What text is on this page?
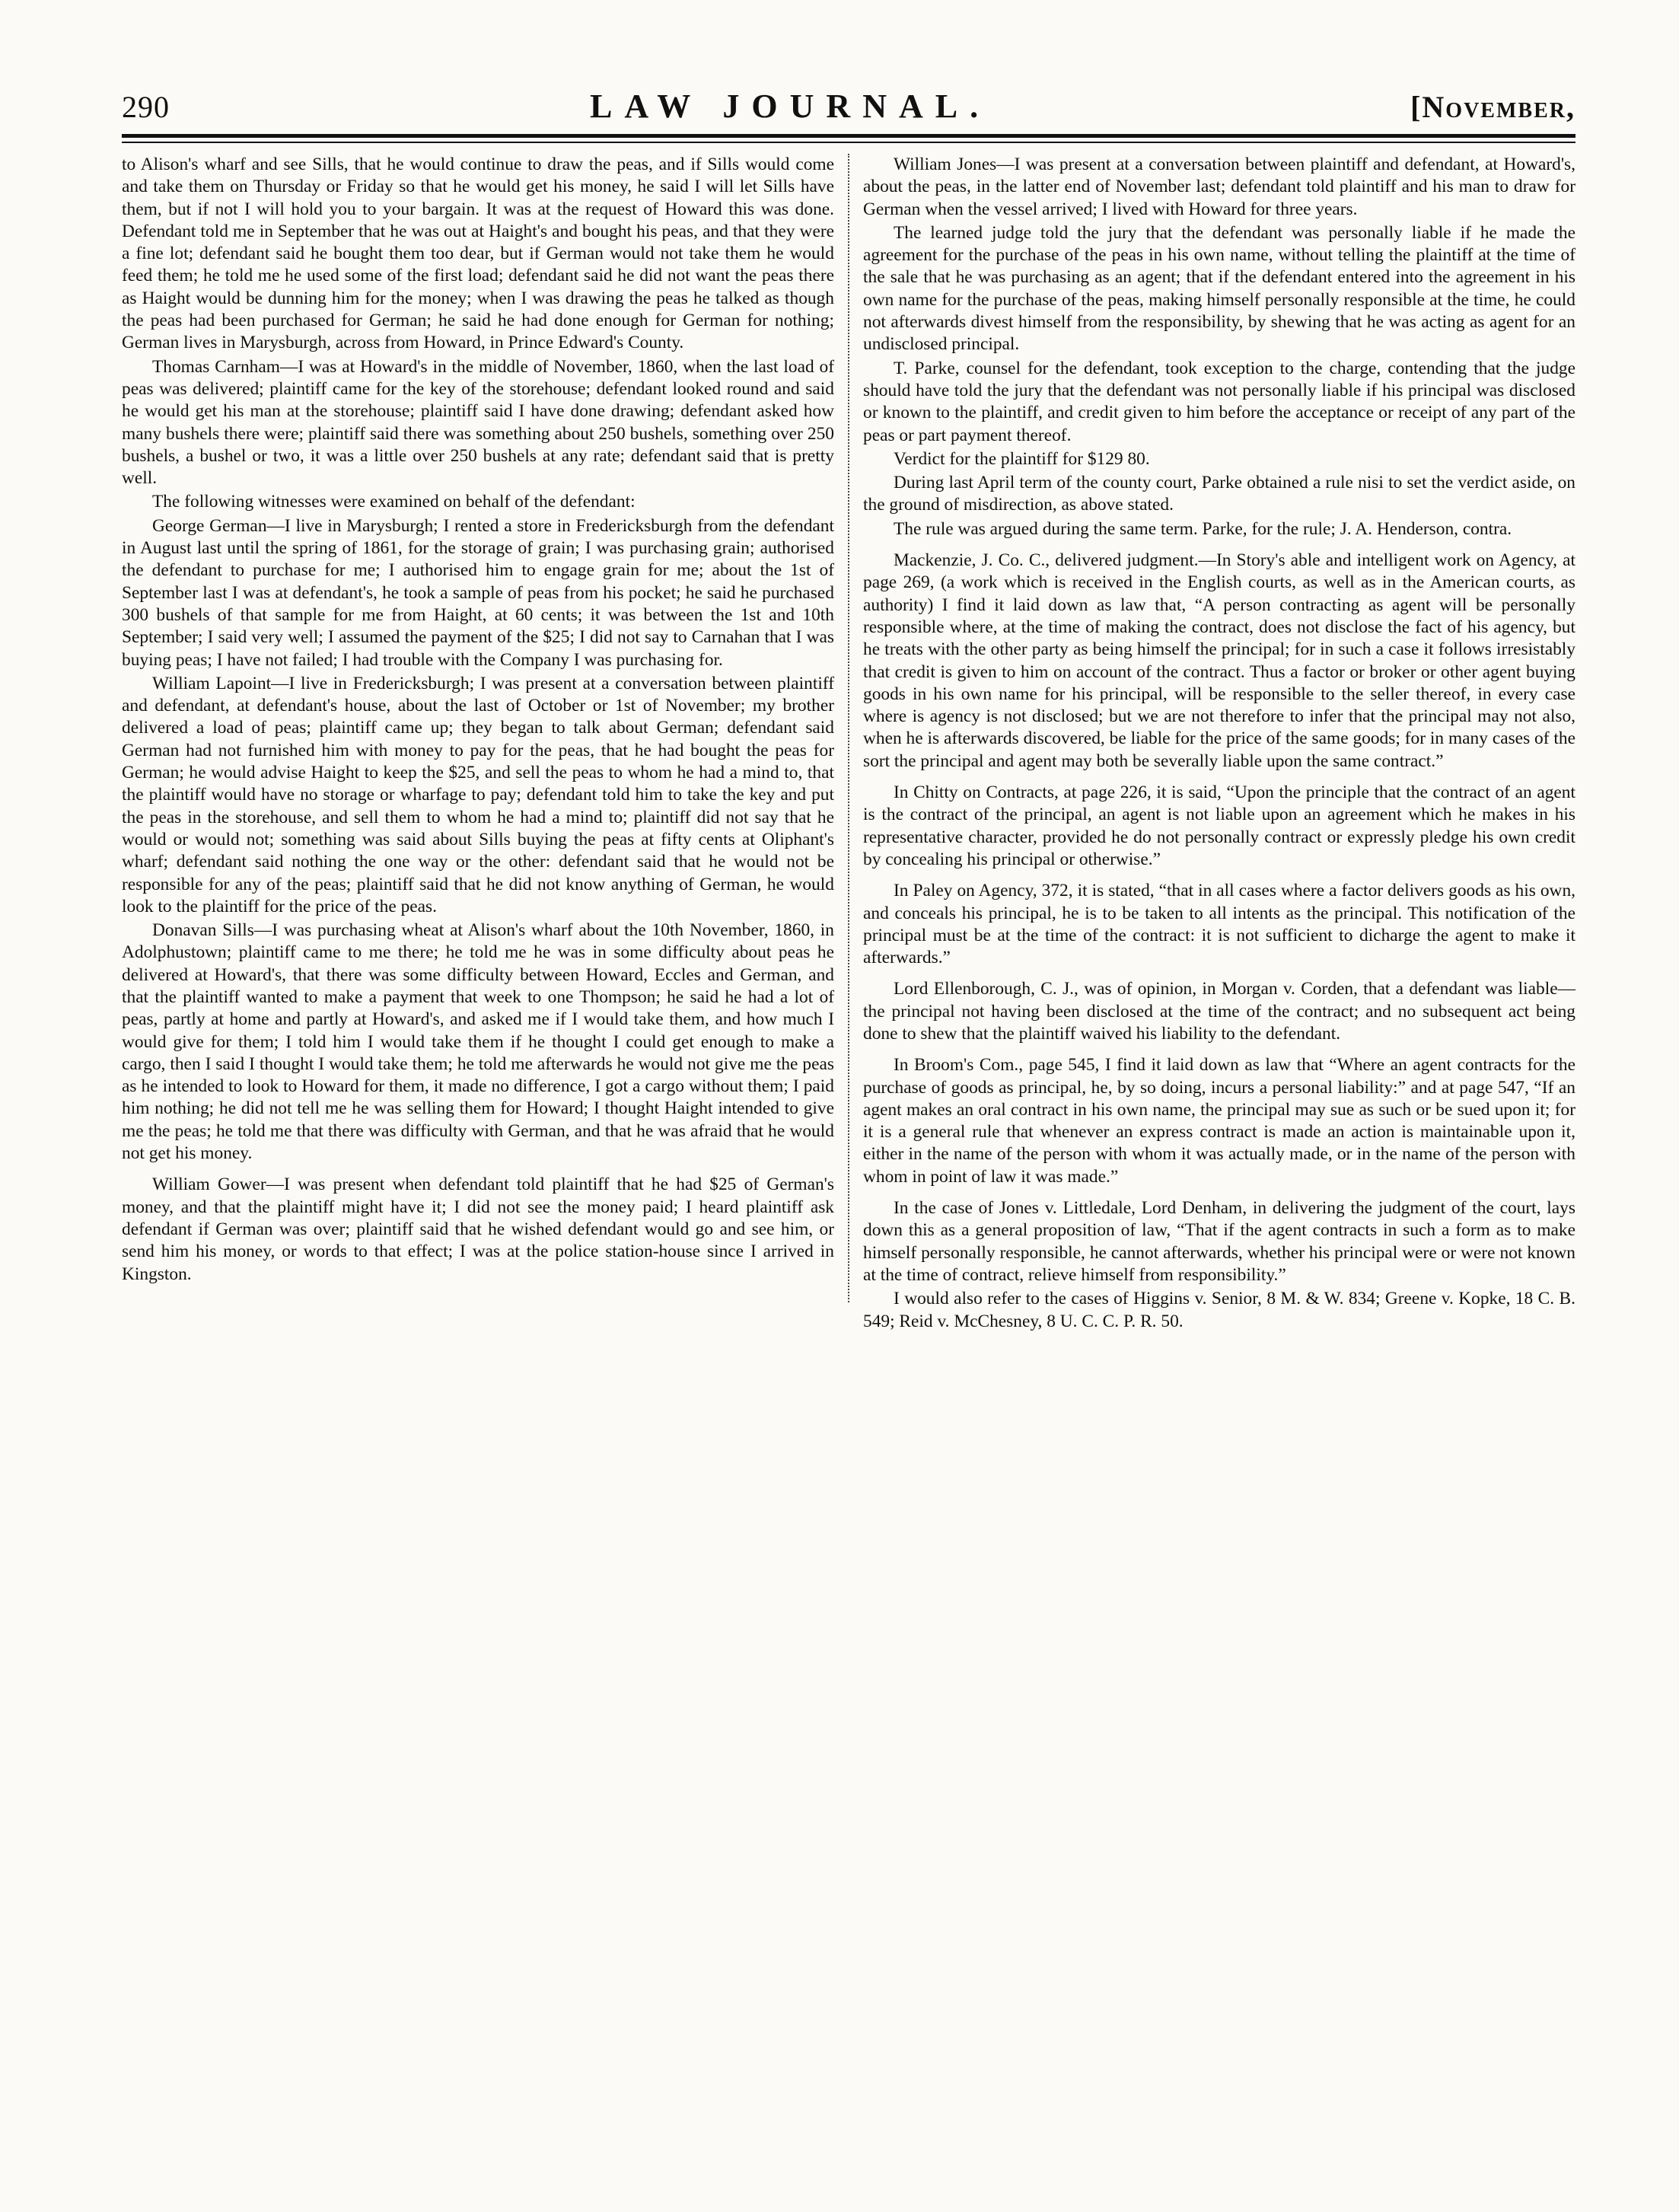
290	LAW JOURNAL.	[November,

to Alison's wharf and see Sills, that he would continue to draw the peas, and if Sills would come and take them on Thursday or Friday so that he would get his money, he said I will let Sills have them, but if not I will hold you to your bargain. It was at the request of Howard this was done. Defendant told me in September that he was out at Haight's and bought his peas, and that they were a fine lot; defendant said he bought them too dear, but if German would not take them he would feed them; he told me he used some of the first load; defendant said he did not want the peas there as Haight would be dunning him for the money; when I was drawing the peas he talked as though the peas had been purchased for German; he said he had done enough for German for nothing; German lives in Marysburgh, across from Howard, in Prince Edward's County.

Thomas Carnham—I was at Howard's in the middle of November, 1860, when the last load of peas was delivered; plaintiff came for the key of the storehouse; defendant looked round and said he would get his man at the storehouse; plaintiff said I have done drawing; defendant asked how many bushels there were; plaintiff said there was something about 250 bushels, something over 250 bushels, a bushel or two, it was a little over 250 bushels at any rate; defendant said that is pretty well.

The following witnesses were examined on behalf of the defendant:

George German—I live in Marysburgh; I rented a store in Fredericksburgh from the defendant in August last until the spring of 1861, for the storage of grain; I was purchasing grain; authorised the defendant to purchase for me; I authorised him to engage grain for me; about the 1st of September last I was at defendant's, he took a sample of peas from his pocket; he said he purchased 300 bushels of that sample for me from Haight, at 60 cents; it was between the 1st and 10th September; I said very well; I assumed the payment of the $25; I did not say to Carnahan that I was buying peas; I have not failed; I had trouble with the Company I was purchasing for.

William Lapoint—I live in Fredericksburgh; I was present at a conversation between plaintiff and defendant, at defendant's house, about the last of October or 1st of November; my brother delivered a load of peas; plaintiff came up; they began to talk about German; defendant said German had not furnished him with money to pay for the peas, that he had bought the peas for German; he would advise Haight to keep the $25, and sell the peas to whom he had a mind to, that the plaintiff would have no storage or wharfage to pay; defendant told him to take the key and put the peas in the storehouse, and sell them to whom he had a mind to; plaintiff did not say that he would or would not; something was said about Sills buying the peas at fifty cents at Oliphant's wharf; defendant said nothing the one way or the other: defendant said that he would not be responsible for any of the peas; plaintiff said that he did not know anything of German, he would look to the plaintiff for the price of the peas.

Donavan Sills—I was purchasing wheat at Alison's wharf about the 10th November, 1860, in Adolphustown; plaintiff came to me there; he told me he was in some difficulty about peas he delivered at Howard's, that there was some difficulty between Howard, Eccles and German, and that the plaintiff wanted to make a payment that week to one Thompson; he said he had a lot of peas, partly at home and partly at Howard's, and asked me if I would take them, and how much I would give for them; I told him I would take them if he thought I could get enough to make a cargo, then I said I thought I would take them; he told me afterwards he would not give me the peas as he intended to look to Howard for them, it made no difference, I got a cargo without them; I paid him nothing; he did not tell me he was selling them for Howard; I thought Haight intended to give me the peas; he told me that there was difficulty with German, and that he was afraid that he would not get his money.

William Gower—I was present when defendant told plaintiff that he had $25 of German's money, and that the plaintiff might have it; I did not see the money paid; I heard plaintiff ask defendant if German was over; plaintiff said that he wished defendant would go and see him, or send him his money, or words to that effect; I was at the police station-house since I arrived in Kingston.

William Jones—I was present at a conversation between plaintiff and defendant, at Howard's, about the peas, in the latter end of November last; defendant told plaintiff and his man to draw for German when the vessel arrived; I lived with Howard for three years.

The learned judge told the jury that the defendant was personally liable if he made the agreement for the purchase of the peas in his own name, without telling the plaintiff at the time of the sale that he was purchasing as an agent; that if the defendant entered into the agreement in his own name for the purchase of the peas, making himself personally responsible at the time, he could not afterwards divest himself from the responsibility, by shewing that he was acting as agent for an undisclosed principal.

T. Parke, counsel for the defendant, took exception to the charge, contending that the judge should have told the jury that the defendant was not personally liable if his principal was disclosed or known to the plaintiff, and credit given to him before the acceptance or receipt of any part of the peas or part payment thereof.

Verdict for the plaintiff for $129 80.

During last April term of the county court, Parke obtained a rule nisi to set the verdict aside, on the ground of misdirection, as above stated.

The rule was argued during the same term. Parke, for the rule; J. A. Henderson, contra.

Mackenzie, J. Co. C., delivered judgment.—In Story's able and intelligent work on Agency, at page 269, (a work which is received in the English courts, as well as in the American courts, as authority) I find it laid down as law that, “A person contracting as agent will be personally responsible where, at the time of making the contract, does not disclose the fact of his agency, but he treats with the other party as being himself the principal; for in such a case it follows irresistably that credit is given to him on account of the contract. Thus a factor or broker or other agent buying goods in his own name for his principal, will be responsible to the seller thereof, in every case where is agency is not disclosed; but we are not therefore to infer that the principal may not also, when he is afterwards discovered, be liable for the price of the same goods; for in many cases of the sort the principal and agent may both be severally liable upon the same contract.”

In Chitty on Contracts, at page 226, it is said, “Upon the principle that the contract of an agent is the contract of the principal, an agent is not liable upon an agreement which he makes in his representative character, provided he do not personally contract or expressly pledge his own credit by concealing his principal or otherwise.”

In Paley on Agency, 372, it is stated, “that in all cases where a factor delivers goods as his own, and conceals his principal, he is to be taken to all intents as the principal. This notification of the principal must be at the time of the contract: it is not sufficient to dicharge the agent to make it afterwards.”

Lord Ellenborough, C. J., was of opinion, in Morgan v. Corden, that a defendant was liable—the principal not having been disclosed at the time of the contract; and no subsequent act being done to shew that the plaintiff waived his liability to the defendant.

In Broom's Com., page 545, I find it laid down as law that “Where an agent contracts for the purchase of goods as principal, he, by so doing, incurs a personal liability:” and at page 547, “If an agent makes an oral contract in his own name, the principal may sue as such or be sued upon it; for it is a general rule that whenever an express contract is made an action is maintainable upon it, either in the name of the person with whom it was actually made, or in the name of the person with whom in point of law it was made.”

In the case of Jones v. Littledale, Lord Denham, in delivering the judgment of the court, lays down this as a general proposition of law, “That if the agent contracts in such a form as to make himself personally responsible, he cannot afterwards, whether his principal were or were not known at the time of contract, relieve himself from responsibility.”

I would also refer to the cases of Higgins v. Senior, 8 M. & W. 834; Greene v. Kopke, 18 C. B. 549; Reid v. McChesney, 8 U. C. C. P. R. 50.
